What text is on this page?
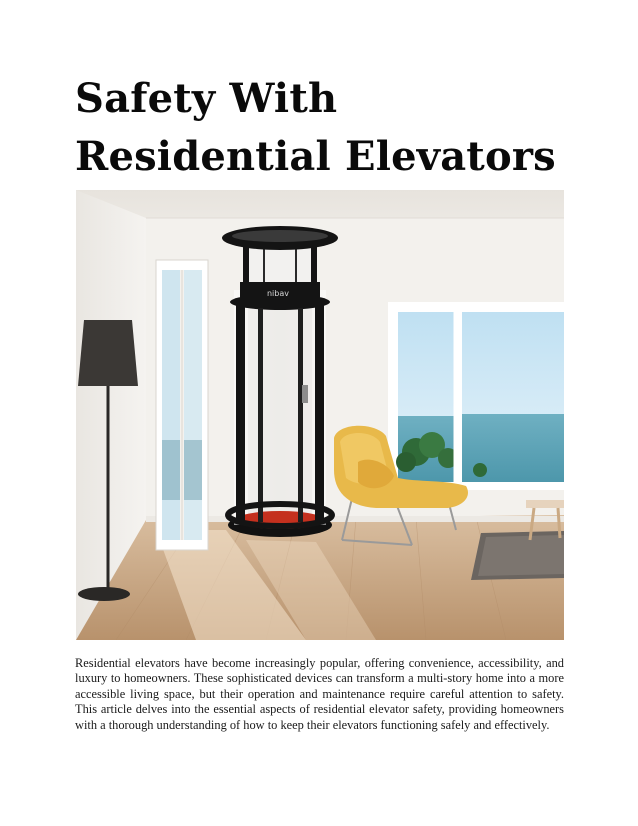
Safety With Residential Elevators
nibav

Residential elevators have become increasingly popular, offering convenience, accessibility, and luxury to homeowners. These sophisticated devices can transform a multi-story home into a more accessible living space, but their operation and maintenance require careful attention to safety. This article delves into the essential aspects of residential elevator safety, providing homeowners with a thorough understanding of how to keep their elevators functioning safely and effectively.
